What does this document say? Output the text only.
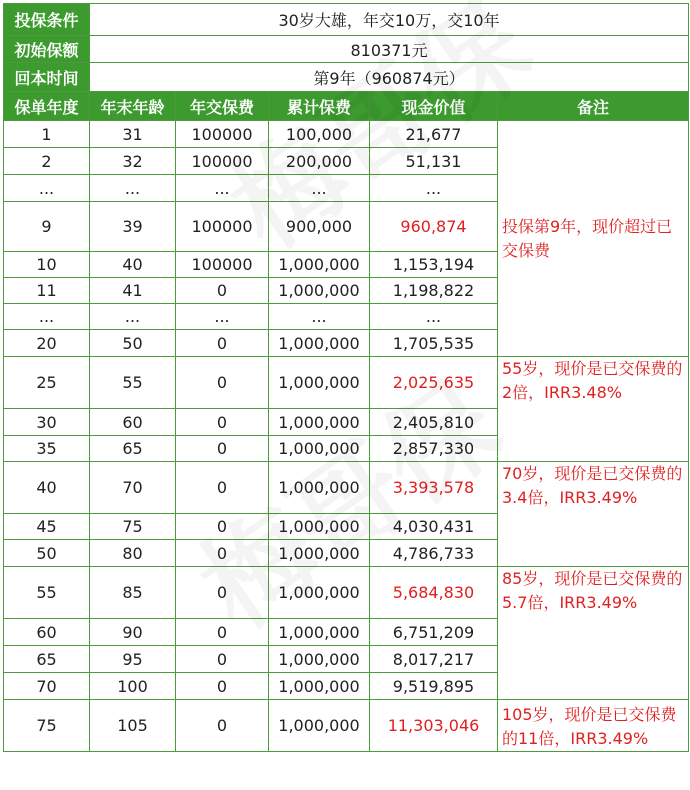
投保条件	30岁大雄，年交10万，交10年				
初始保额	810371元				
回本时间	第9年（960874元）				
保单年度	年末年龄	年交保费	累计保费	现金价值	备注
1	31	100000	100,000	21,677	投保第9年，现价超过已交保费
2	32	100000	200,000	51,131	
...	...	...	...	...	
9	39	100000	900,000	960,874	
10	40	100000	1,000,000	1,153,194	
11	41	0	1,000,000	1,198,822	
...	...	...	...	...	
20	50	0	1,000,000	1,705,535	
25	55	0	1,000,000	2,025,635	55岁，现价是已交保费的2倍，IRR3.48%
30	60	0	1,000,000	2,405,810	
35	65	0	1,000,000	2,857,330	
40	70	0	1,000,000	3,393,578	70岁，现价是已交保费的3.4倍，IRR3.49%
45	75	0	1,000,000	4,030,431	
50	80	0	1,000,000	4,786,733	
55	85	0	1,000,000	5,684,830	85岁，现价是已交保费的5.7倍，IRR3.49%
60	90	0	1,000,000	6,751,209	
65	95	0	1,000,000	8,017,217	
70	100	0	1,000,000	9,519,895	
75	105	0	1,000,000	11,303,046	105岁，现价是已交保费的11倍，IRR3.49%
